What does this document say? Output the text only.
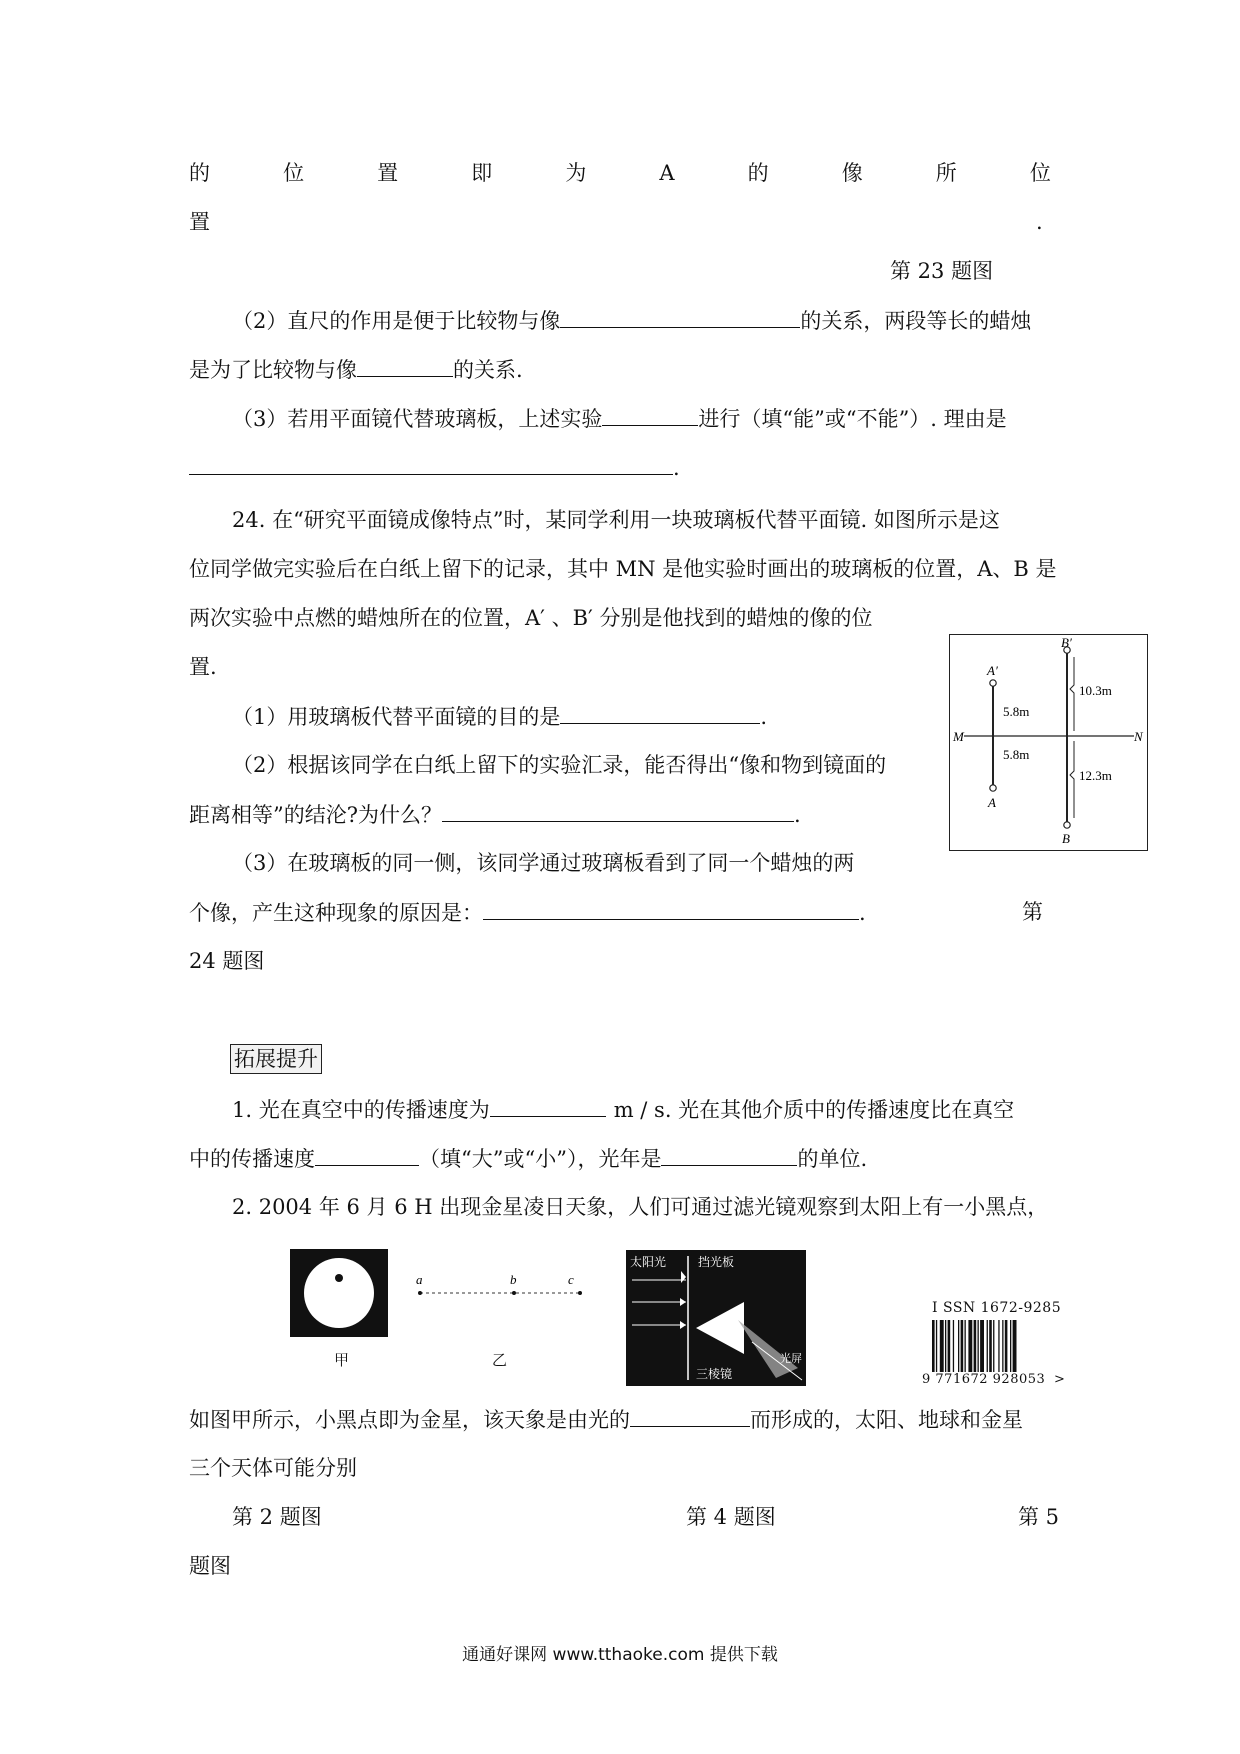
的	位	置	即	为	A	的	像	所	位
置	.
第 23 题图
（2）直尺的作用是便于比较物与像	的关系，两段等长的蜡烛
是为了比较物与像	的关系.
（3）若用平面镜代替玻璃板，上述实验	进行（填“能”或“不能”）. 理由是
.
24. 在“研究平面镜成像特点”时，某同学利用一块玻璃板代替平面镜. 如图所示是这
位同学做完实验后在白纸上留下的记录，其中 MN 是他实验时画出的玻璃板的位置，A、B 是
两次实验中点燃的蜡烛所在的位置，A′ 、B′ 分别是他找到的蜡烛的像的位
置.
（1）用玻璃板代替平面镜的目的是	.
（2）根据该同学在白纸上留下的实验汇录，能否得出“像和物到镜面的
距离相等”的结沦?为什么？	.
（3）在玻璃板的同一侧，该同学通过玻璃板看到了同一个蜡烛的两
个像，产生这种现象的原因是：	.	第
24 题图
A′
A
5.8m
5.8m
B′
B
10.3m
12.3m
M	N
拓展提升
1. 光在真空中的传播速度为	m / s. 光在其他介质中的传播速度比在真空
中的传播速度	（填“大”或“小”），光年是	的单位.
2. 2004 年 6 月 6 H 出现金星凌日天象，人们可通过滤光镜观察到太阳上有一小黑点，
甲
a	b	c
乙
太阳光	挡光板
三棱镜
光屏
I SSN 1672-9285
9 771672 928053 >
如图甲所示，小黑点即为金星，该天象是由光的	而形成的，太阳、地球和金星
三个天体可能分别
第 2 题图	第 4 题图	第 5
题图
通通好课网 www.tthaoke.com 提供下载
